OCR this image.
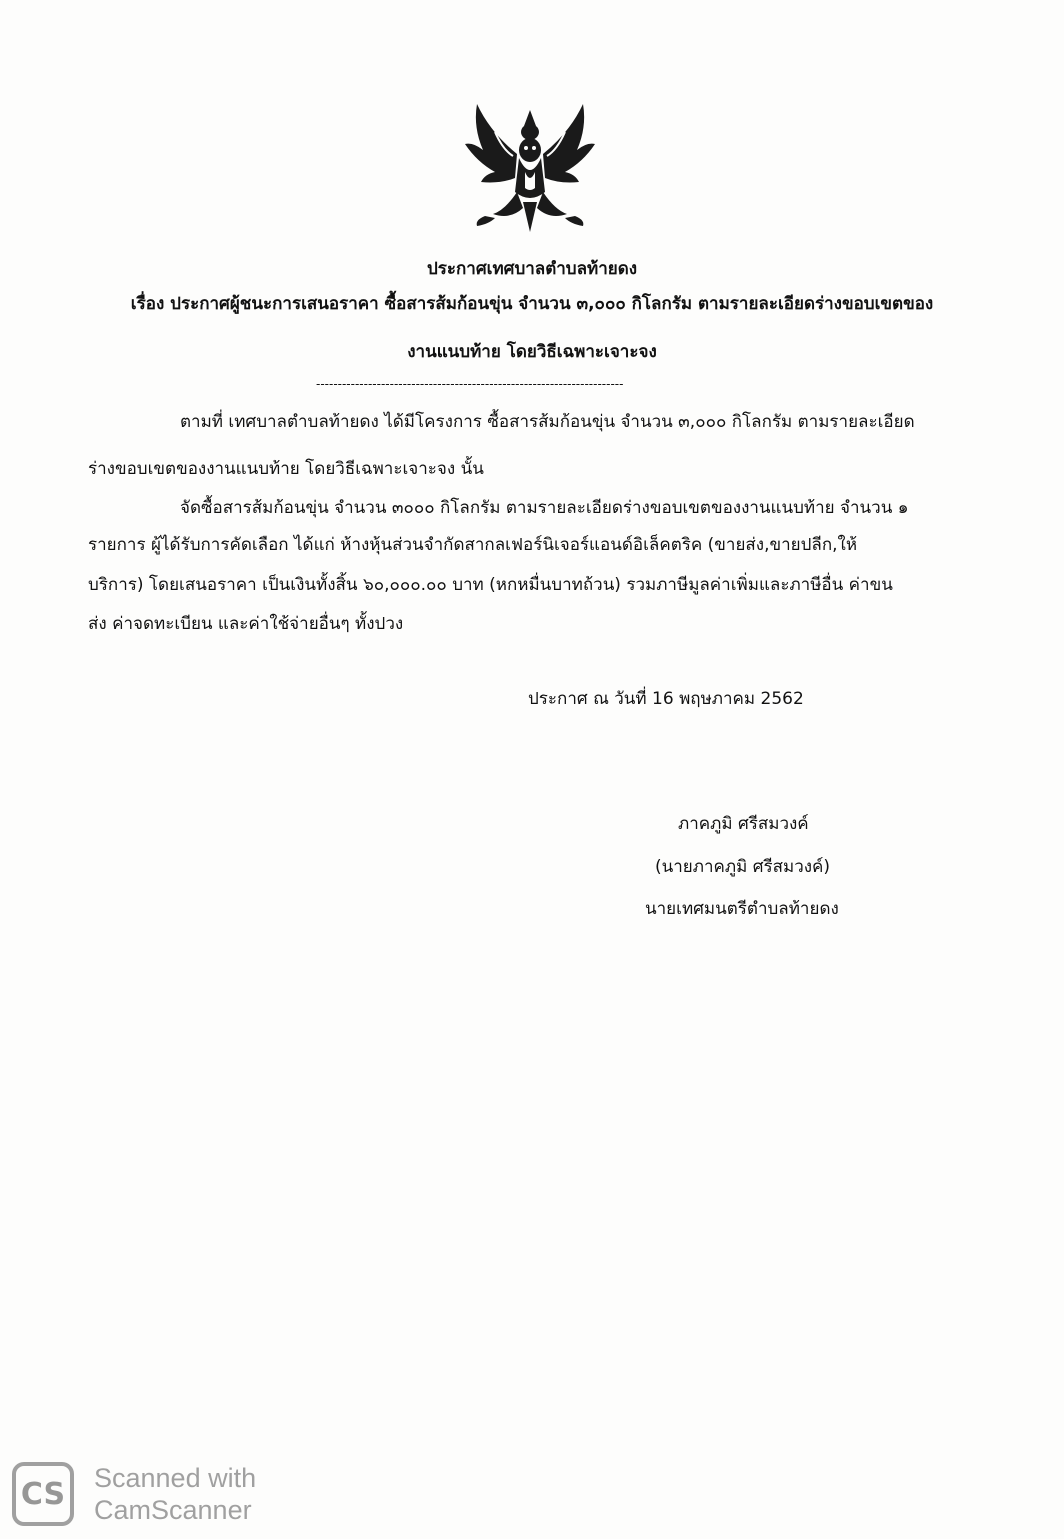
ประกาศเทศบาลตำบลท้ายดง
เรื่อง ประกาศผู้ชนะการเสนอราคา ซื้อสารส้มก้อนขุ่น จำนวน ๓,๐๐๐ กิโลกรัม ตามรายละเอียดร่างขอบเขตของ
งานแนบท้าย โดยวิธีเฉพาะเจาะจง
-----------------------------------------------------------------------
ตามที่ เทศบาลตำบลท้ายดง ได้มีโครงการ ซื้อสารส้มก้อนขุ่น จำนวน ๓,๐๐๐ กิโลกรัม ตามรายละเอียด
ร่างขอบเขตของงานแนบท้าย โดยวิธีเฉพาะเจาะจง นั้น
จัดซื้อสารส้มก้อนขุ่น จำนวน ๓๐๐๐ กิโลกรัม ตามรายละเอียดร่างขอบเขตของงานแนบท้าย จำนวน ๑
รายการ ผู้ได้รับการคัดเลือก ได้แก่ ห้างหุ้นส่วนจำกัดสากลเฟอร์นิเจอร์แอนด์อิเล็คตริค (ขายส่ง,ขายปลีก,ให้
บริการ) โดยเสนอราคา เป็นเงินทั้งสิ้น ๖๐,๐๐๐.๐๐ บาท (หกหมื่นบาทถ้วน) รวมภาษีมูลค่าเพิ่มและภาษีอื่น ค่าขน
ส่ง ค่าจดทะเบียน และค่าใช้จ่ายอื่นๆ ทั้งปวง
ประกาศ ณ วันที่ 16 พฤษภาคม 2562
ภาคภูมิ ศรีสมวงค์
(นายภาคภูมิ ศรีสมวงค์)
นายเทศมนตรีตำบลท้ายดง
CS	Scanned with
CamScanner
